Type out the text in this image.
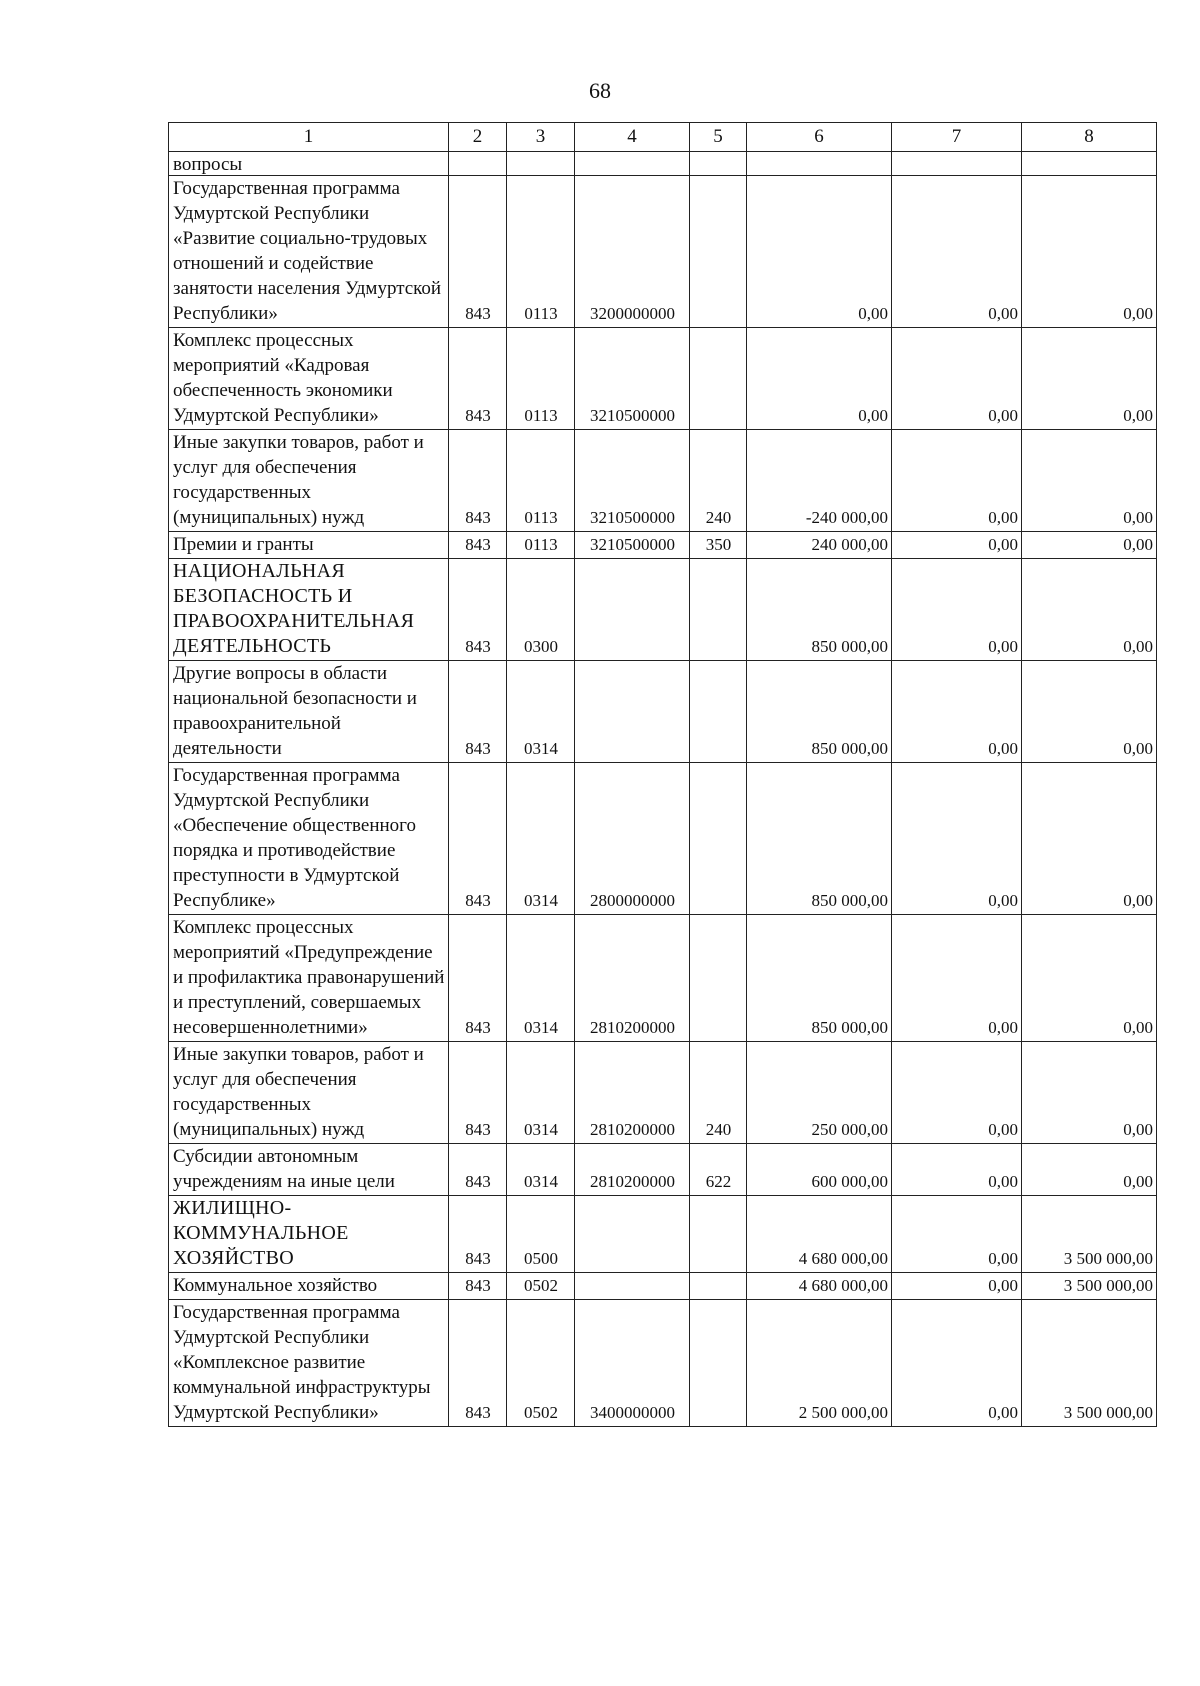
68
1	2	3	4	5	6	7	8
вопросы							
Государственная программа Удмуртской Республики «Развитие социально-трудовых отношений и содействие занятости населения Удмуртской Республики»	843	0113	3200000000		0,00	0,00	0,00
Комплекс процессных мероприятий «Кадровая обеспеченность экономики Удмуртской Республики»	843	0113	3210500000		0,00	0,00	0,00
Иные закупки товаров, работ и услуг для обеспечения государственных (муниципальных) нужд	843	0113	3210500000	240	-240 000,00	0,00	0,00
Премии и гранты	843	0113	3210500000	350	240 000,00	0,00	0,00
НАЦИОНАЛЬНАЯ БЕЗОПАСНОСТЬ И ПРАВООХРАНИТЕЛЬНАЯ ДЕЯТЕЛЬНОСТЬ	843	0300			850 000,00	0,00	0,00
Другие вопросы в области национальной безопасности и правоохранительной деятельности	843	0314			850 000,00	0,00	0,00
Государственная программа Удмуртской Республики «Обеспечение общественного порядка и противодействие преступности в Удмуртской Республике»	843	0314	2800000000		850 000,00	0,00	0,00
Комплекс процессных мероприятий «Предупреждение и профилактика правонарушений и преступлений, совершаемых несовершеннолетними»	843	0314	2810200000		850 000,00	0,00	0,00
Иные закупки товаров, работ и услуг для обеспечения государственных (муниципальных) нужд	843	0314	2810200000	240	250 000,00	0,00	0,00
Субсидии автономным учреждениям на иные цели	843	0314	2810200000	622	600 000,00	0,00	0,00
ЖИЛИЩНО-КОММУНАЛЬНОЕ ХОЗЯЙСТВО	843	0500			4 680 000,00	0,00	3 500 000,00
Коммунальное хозяйство	843	0502			4 680 000,00	0,00	3 500 000,00
Государственная программа Удмуртской Республики «Комплексное развитие коммунальной инфраструктуры Удмуртской Республики»	843	0502	3400000000		2 500 000,00	0,00	3 500 000,00
